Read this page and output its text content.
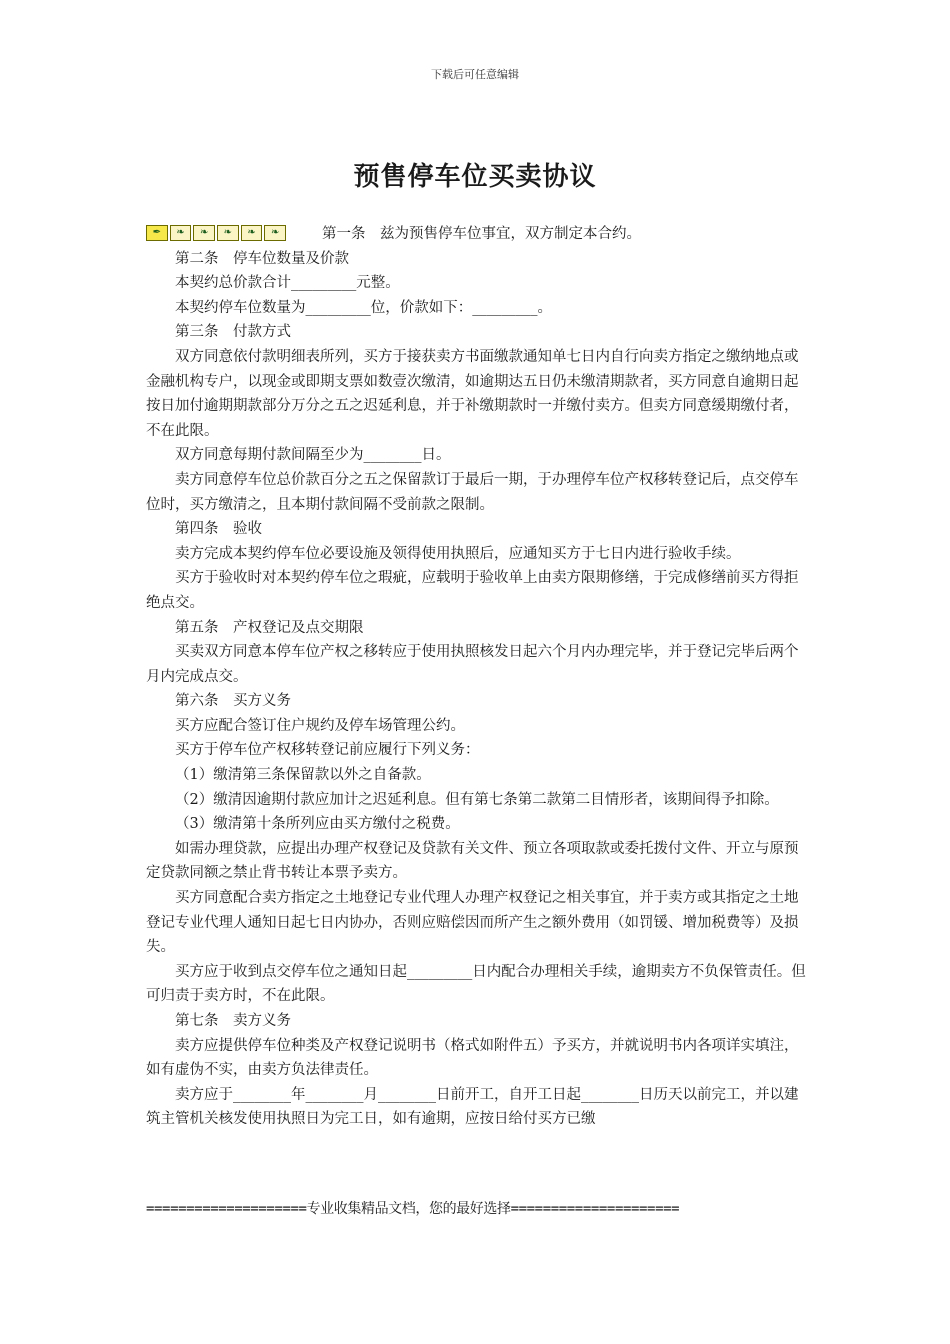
下载后可任意编辑
预售停车位买卖协议

✒	❧	❧	❧	❧	❧	第一条　兹为预售停车位事宜，双方制定本合约。

第二条　停车位数量及价款

本契约总价款合计_________元整。

本契约停车位数量为_________位，价款如下：_________。

第三条　付款方式

双方同意依付款明细表所列，买方于接获卖方书面缴款通知单七日内自行向卖方指定之缴纳地点或金融机构专户，以现金或即期支票如数壹次缴清，如逾期达五日仍未缴清期款者，买方同意自逾期日起按日加付逾期期款部分万分之五之迟延利息，并于补缴期款时一并缴付卖方。但卖方同意缓期缴付者，不在此限。

双方同意每期付款间隔至少为________日。

卖方同意停车位总价款百分之五之保留款订于最后一期，于办理停车位产权移转登记后，点交停车位时，买方缴清之，且本期付款间隔不受前款之限制。

第四条　验收

卖方完成本契约停车位必要设施及领得使用执照后，应通知买方于七日内进行验收手续。

买方于验收时对本契约停车位之瑕疵，应载明于验收单上由卖方限期修缮，于完成修缮前买方得拒绝点交。

第五条　产权登记及点交期限

买卖双方同意本停车位产权之移转应于使用执照核发日起六个月内办理完毕，并于登记完毕后两个月内完成点交。

第六条　买方义务

买方应配合签订住户规约及停车场管理公约。

买方于停车位产权移转登记前应履行下列义务：

（1）缴清第三条保留款以外之自备款。

（2）缴清因逾期付款应加计之迟延利息。但有第七条第二款第二目情形者，该期间得予扣除。

（3）缴清第十条所列应由买方缴付之税费。

如需办理贷款，应提出办理产权登记及贷款有关文件、预立各项取款或委托拨付文件、开立与原预定贷款同额之禁止背书转让本票予卖方。

买方同意配合卖方指定之土地登记专业代理人办理产权登记之相关事宜，并于卖方或其指定之土地登记专业代理人通知日起七日内协办，否则应赔偿因而所产生之额外费用（如罚锾、增加税费等）及损失。

买方应于收到点交停车位之通知日起_________日内配合办理相关手续，逾期卖方不负保管责任。但可归责于卖方时，不在此限。

第七条　卖方义务

卖方应提供停车位种类及产权登记说明书（格式如附件五）予买方，并就说明书内各项详实填注，如有虚伪不实，由卖方负法律责任。

卖方应于________年________月________日前开工，自开工日起________日历天以前完工，并以建筑主管机关核发使用执照日为完工日，如有逾期，应按日给付买方已缴

====================专业收集精品文档，您的最好选择=====================
